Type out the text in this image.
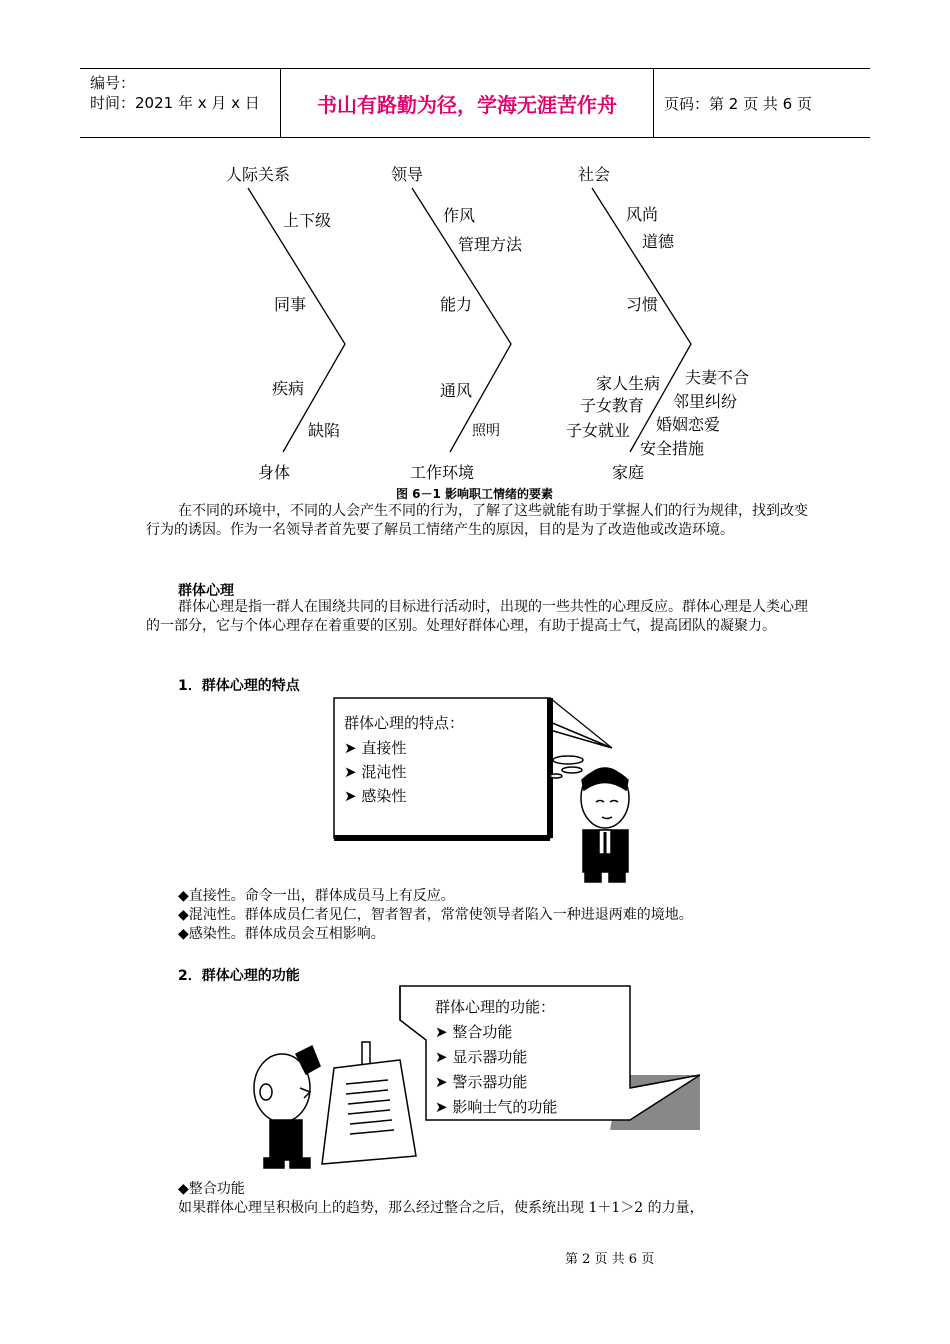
编号：
时间：2021 年 x 月 x 日	书山有路勤为径，学海无涯苦作舟	页码：第 2 页 共 6 页
人际关系	领导	社会
上下级
同事
疾病
缺陷
作风
管理方法
能力
通风
照明
风尚
道德
习惯
家人生病 夫妻不合
子女教育 邻里纠纷
子女就业 婚姻恋爱
安全措施
身体	工作环境	家庭
图 6－1 影响职工情绪的要素
在不同的环境中，不同的人会产生不同的行为，了解了这些就能有助于掌握人们的行为规律，找到改变行为的诱因。作为一名领导者首先要了解员工情绪产生的原因，目的是为了改造他或改造环境。
群体心理
群体心理是指一群人在围绕共同的目标进行活动时，出现的一些共性的心理反应。群体心理是人类心理的一部分，它与个体心理存在着重要的区别。处理好群体心理，有助于提高士气，提高团队的凝聚力。
1．群体心理的特点
群体心理的特点：
➤ 直接性
➤ 混沌性
➤ 感染性
◆直接性。命令一出，群体成员马上有反应。
◆混沌性。群体成员仁者见仁，智者智者，常常使领导者陷入一种进退两难的境地。
◆感染性。群体成员会互相影响。
2．群体心理的功能
群体心理的功能：
➤ 整合功能
➤ 显示器功能
➤ 警示器功能
➤ 影响士气的功能
◆整合功能
如果群体心理呈积极向上的趋势，那么经过整合之后，使系统出现 1＋1＞2 的力量，
第 2 页 共 6 页
